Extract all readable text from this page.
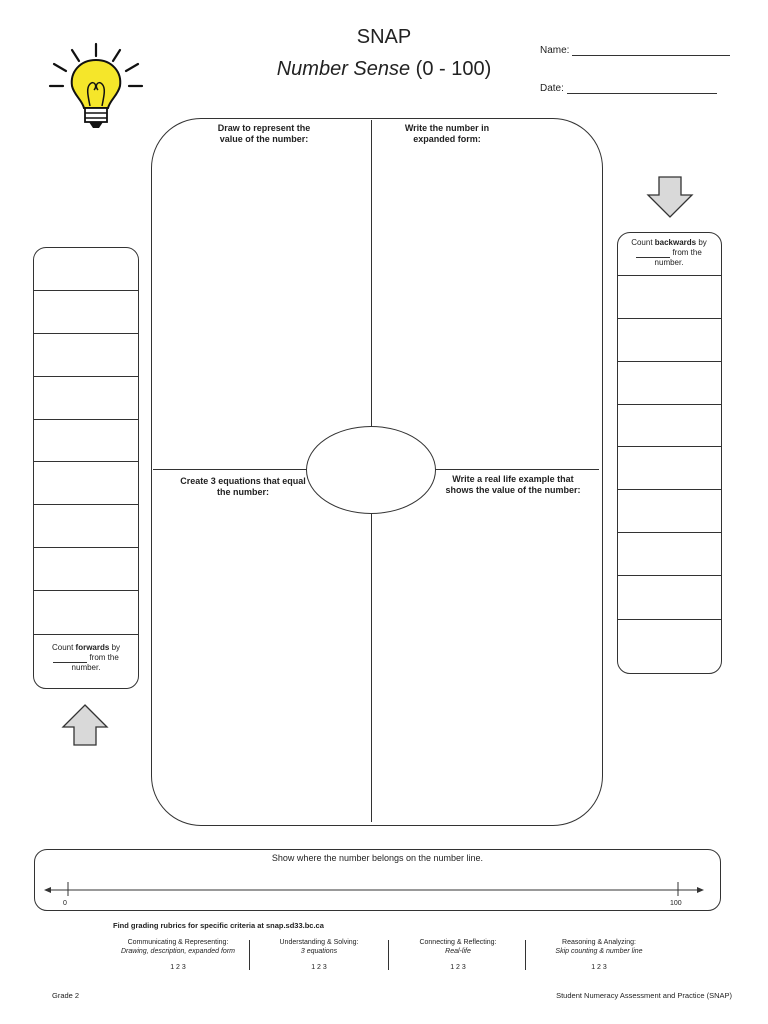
SNAP
Number Sense (0 - 100)
Name:
Date:
Draw to represent the value of the number:
Write the number in expanded form:
Create 3 equations that equal the number:
Write a real life example that shows the value of the number:
Count forwards by
from the number.
Count backwards by
from the number.
Show where the number belongs on the number line.
0	100
Find grading rubrics for specific criteria at snap.sd33.bc.ca
Communicating & Representing:
Drawing, description, expanded form
1 2 3
Understanding & Solving:
3 equations
1 2 3
Connecting & Reflecting:
Real-life
1 2 3
Reasoning & Analyzing:
Skip counting & number line
1 2 3
Grade 2	Student Numeracy Assessment and Practice (SNAP)
